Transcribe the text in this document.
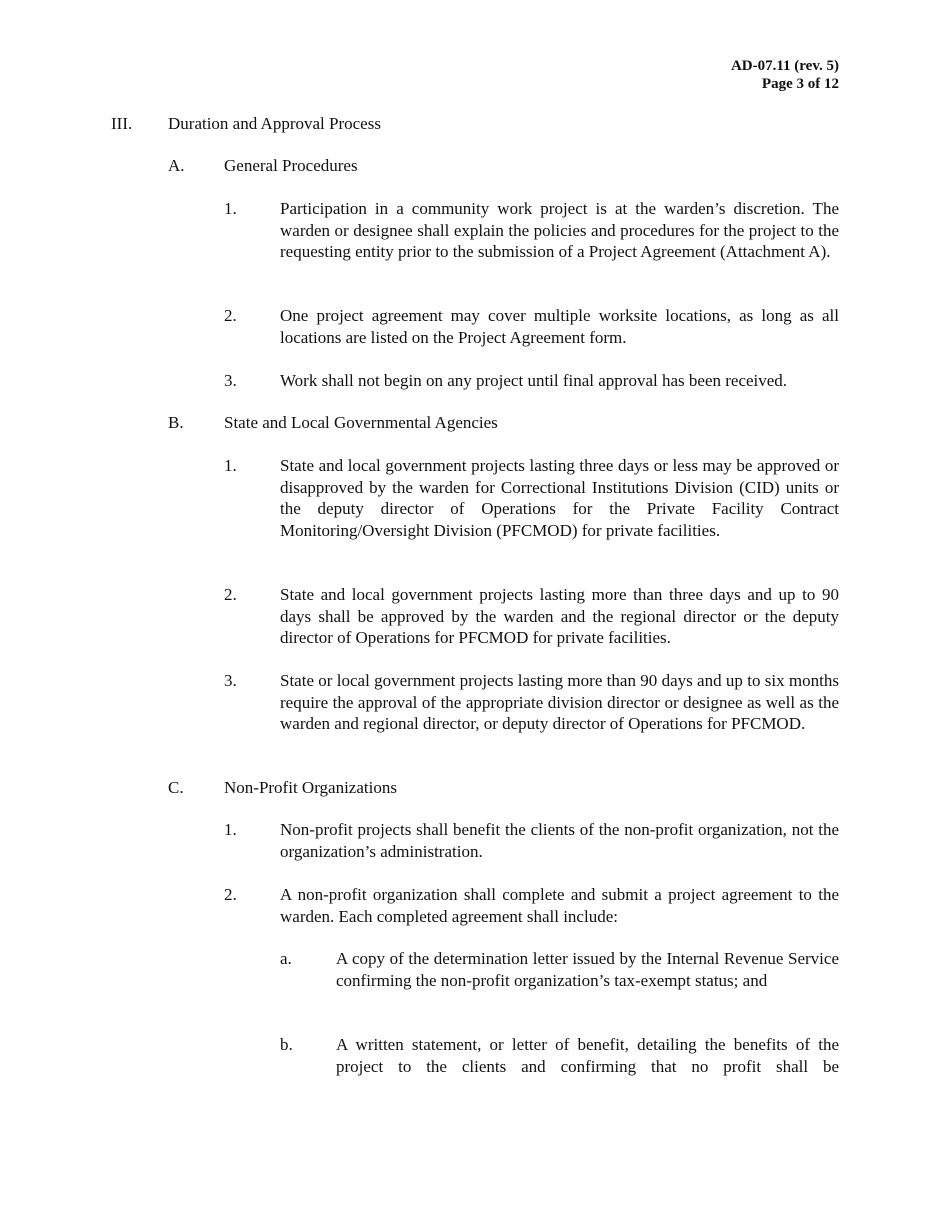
AD-07.11 (rev. 5)
Page 3 of 12
III. Duration and Approval Process
A. General Procedures
1.	Participation in a community work project is at the warden’s discretion. The warden or designee shall explain the policies and procedures for the project to the requesting entity prior to the submission of a Project Agreement (Attachment A).
2.	One project agreement may cover multiple worksite locations, as long as all locations are listed on the Project Agreement form.
3.	Work shall not begin on any project until final approval has been received.
B. State and Local Governmental Agencies
1.	State and local government projects lasting three days or less may be approved or disapproved by the warden for Correctional Institutions Division (CID) units or the deputy director of Operations for the Private Facility Contract Monitoring/Oversight Division (PFCMOD) for private facilities.
2.	State and local government projects lasting more than three days and up to 90 days shall be approved by the warden and the regional director or the deputy director of Operations for PFCMOD for private facilities.
3.	State or local government projects lasting more than 90 days and up to six months require the approval of the appropriate division director or designee as well as the warden and regional director, or deputy director of Operations for PFCMOD.
C. Non-Profit Organizations
1.	Non-profit projects shall benefit the clients of the non-profit organization, not the organization’s administration.
2.	A non-profit organization shall complete and submit a project agreement to the warden. Each completed agreement shall include:
a.	A copy of the determination letter issued by the Internal Revenue Service confirming the non-profit organization’s tax-exempt status; and
b.	A written statement, or letter of benefit, detailing the benefits of the project to the clients and confirming that no profit shall be
